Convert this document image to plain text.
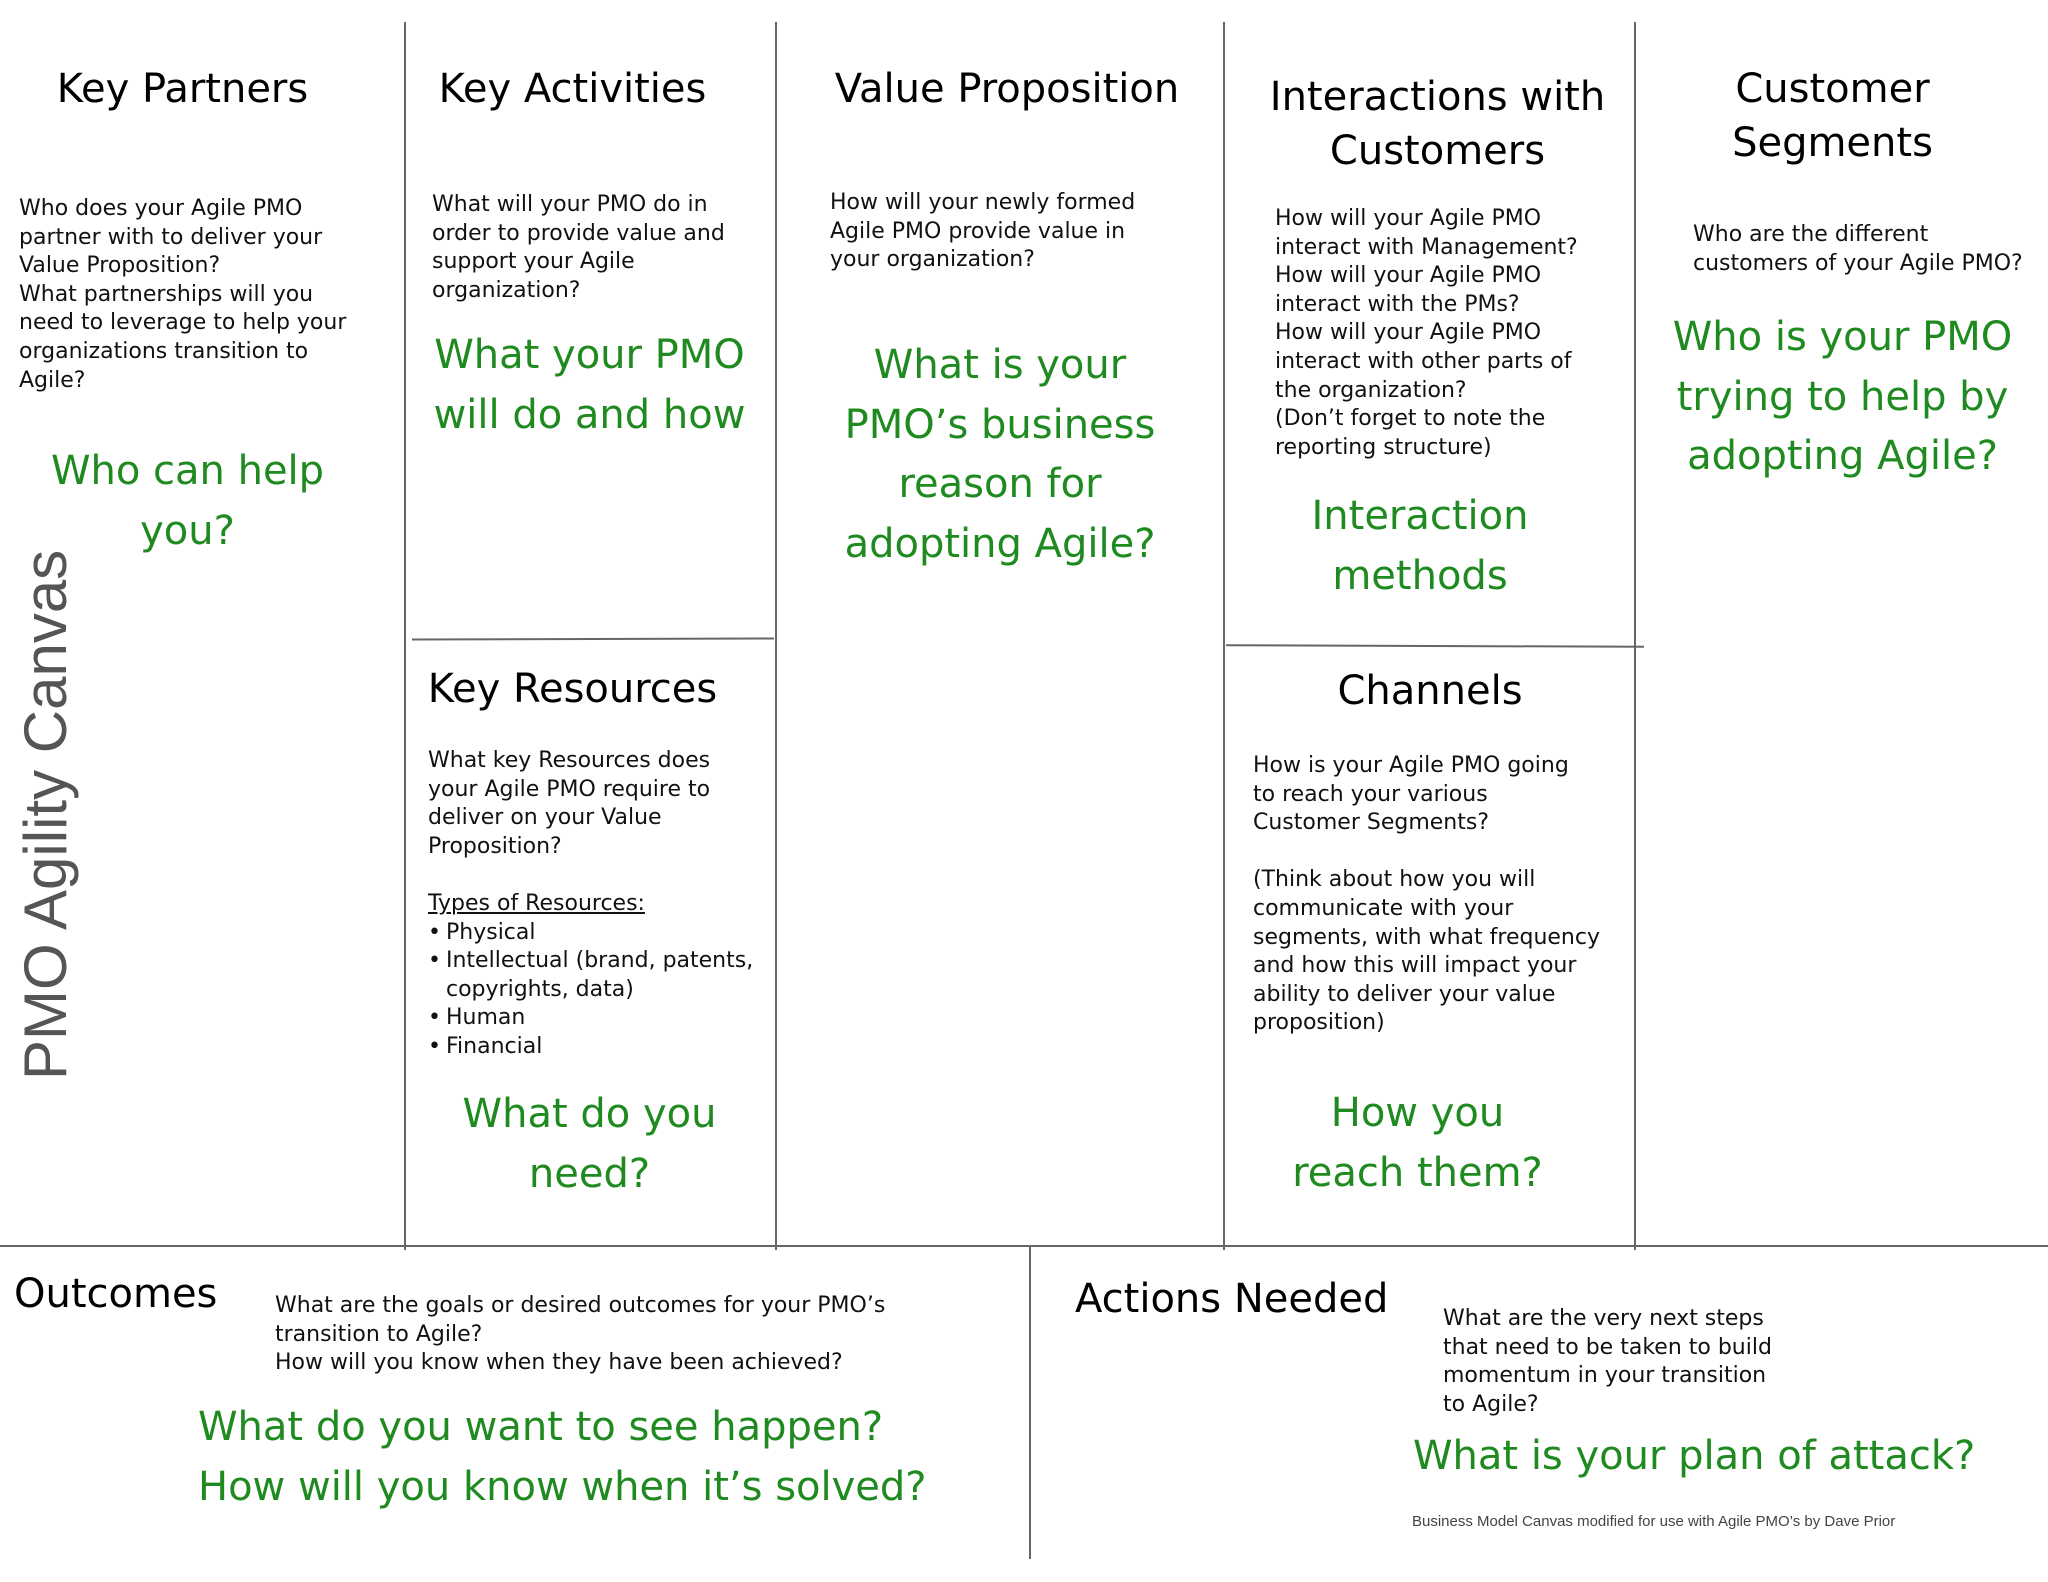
PMO Agility Canvas
Key Partners
Who does your Agile PMO
partner with to deliver your
Value Proposition?
What partnerships will you
need to leverage to help your
organizations transition to
Agile?
Who can help
you?
Key Activities
What will your PMO do in
order to provide value and
support your Agile
organization?
What your PMO
will do and how
Key Resources
What key Resources does
your Agile PMO require to
deliver on your Value
Proposition?

Types of Resources:
• Physical
• Intellectual (brand, patents,
copyrights, data)
• Human
• Financial
What do you
need?
Value Proposition
How will your newly formed
Agile PMO provide value in
your organization?
What is your
PMO’s business
reason for
adopting Agile?
Interactions with
Customers
How will your Agile PMO
interact with Management?
How will your Agile PMO
interact with the PMs?
How will your Agile PMO
interact with other parts of
the organization?
(Don’t forget to note the
reporting structure)
Interaction
methods
Channels
How is your Agile PMO going
to reach your various
Customer Segments?

(Think about how you will
communicate with your
segments, with what frequency
and how this will impact your
ability to deliver your value
proposition)
How you
reach them?
Customer
Segments
Who are the different
customers of your Agile PMO?
Who is your PMO
trying to help by
adopting Agile?
Outcomes	What are the goals or desired outcomes for your PMO’s
transition to Agile?
How will you know when they have been achieved?
What do you want to see happen?
How will you know when it’s solved?
Actions Needed What are the very next steps
that need to be taken to build
momentum in your transition
to Agile?
What is your plan of attack?
Business Model Canvas modified for use with Agile PMO’s by Dave Prior
